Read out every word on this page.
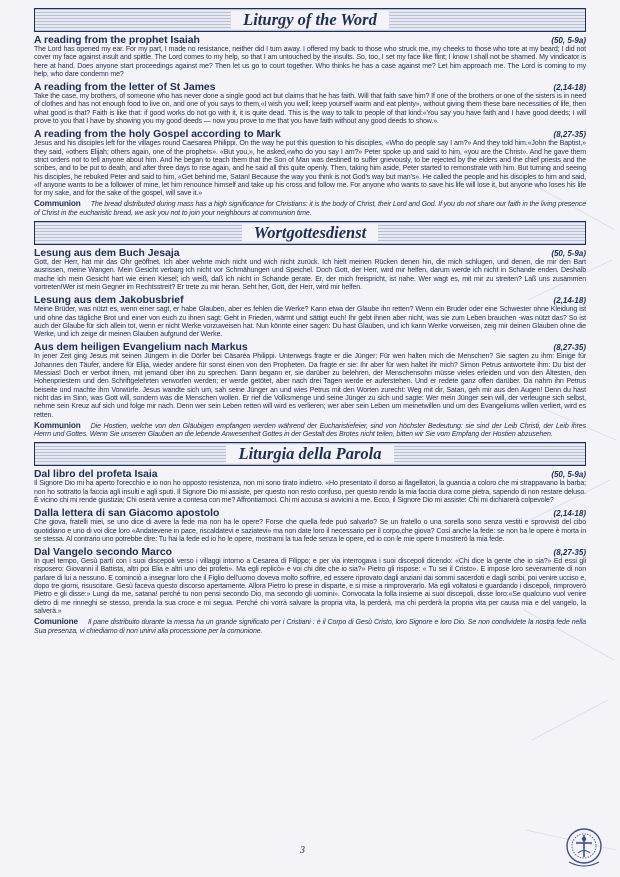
Liturgy of the Word
A reading from the prophet Isaiah	(50, 5-9a)

The Lord has opened my ear. For my part, I made no resistance, neither did I turn away. I offered my back to those who struck me, my cheeks to those who tore at my beard; I did not cover my face against insult and spittle. The Lord comes to my help, so that I am untouched by the insults. So, too, I set my face like flint; I know I shall not be shamed. My vindicator is here at hand. Does anyone start proceedings against me? Then let us go to court together. Who thinks he has a case against me? Let him approach me. The Lord is coming to my help, who dare condemn me?

A reading from the letter of St James	(2,14-18)

Take the case, my brothers, of someone who has never done a single good act but claims that he has faith. Will that faith save him? If one of the brothers or one of the sisters is in need of clothes and has not enough food to live on, and one of you says to them,«I wish you well; keep yourself warm and eat plenty», without giving them these bare necessities of life, then what good is that? Faith is like that: if good works do not go with it, it is quite dead. This is the way to talk to people of that kind:«You say you have faith and I have good deeds; I will prove to you that I have by showing you my good deeds — now you prove to me that you have faith without any good deeds to show.».

A reading from the holy Gospel according to Mark	(8,27-35)

Jesus and his disciples left for the villages round Caesarea Philippi. On the way he put this question to his disciples, «Who do people say I am?» And they told him.«John the Baptist,» they said, «others Elijah; others again, one of the prophets». «But you,», he asked,«who do you say I am?» Peter spoke up and said to him, «you are the Christ». And he gave them strict orders not to tell anyone about him. And he began to teach them that the Son of Man was destined to suffer grievously, to be rejected by the elders and the chief priests and the scribes, and to be put to death, and after three days to rise again, and he said all this quite openly. Then, taking him aside, Peter started to remonstrate with him. But turning and seeing his disciples, he rebuked Peter and said to him, «Get behind me, Satan! Because the way you think is not God's way but man's». He called the people and his disciples to him and said, «If anyone wants to be a follower of mine, let him renounce himself and take up his cross and follow me. For anyone who wants to save his life will lose it, but anyone who loses his life for my sake, and for the sake of the gospel, will save it.»

Communion The bread distributed during mass has a high significance for Christians: it is the body of Christ, their Lord and God. If you do not share our faith in the living presence of Christ in the eucharistic bread, we ask you not to join your neighbours at communion time.
Wortgottesdienst
Lesung aus dem Buch Jesaja	(50, 5-9a)

Gott, der Herr, hat mir das Ohr geöffnet. Ich aber wehrte mich nicht und wich nicht zurück. Ich hielt meinen Rücken denen hin, die mich schlugen, und denen, die mir den Bart ausrissen, meine Wangen. Mein Gesicht verbarg ich nicht vor Schmähungen und Speichel. Doch Gott, der Herr, wird mir helfen, darum werde ich nicht in Schande enden. Deshalb mache ich mein Gesicht hart wie einen Kiesel; ich weiß, daß ich nicht in Schande gerate. Er, der mich freispricht, ist nahe. Wer wagt es, mit mir zu streiten? Laß uns zusammen vortreten!Wer ist mein Gegner im Rechtsstreit? Er trete zu mir heran. Seht her, Gott, der Herr, wird mir helfen.

Lesung aus dem Jakobusbrief	(2,14-18)

Meine Brüder, was nützt es, wenn einer sagt, er habe Glauben, aber es fehlen die Werke? Kann etwa der Glaube ihn retten? Wenn ein Bruder oder eine Schwester ohne Kleidung ist und ohne das tägliche Brot und einer von euch zu ihnen sagt: Geht in Frieden, wärmt und sättigt euch! Ihr gebt ihnen aber nicht, was sie zum Leben brauchen -was nützt das? So ist auch der Glaube für sich allein tot, wenn er nicht Werke vorzuweisen hat. Nun könnte einer sagen: Du hast Glauben, und ich kann Werke vorweisen, zeig mir deinen Glauben ohne die Werke, und ich zeige dir meinen Glauben aufgrund der Werke.

Aus dem heiligen Evangelium nach Markus	(8,27-35)

In jener Zeit ging Jesus mit seinen Jüngern in die Dörfer bei Cäsaréa Philippi. Unterwegs fragte er die Jünger: Für wen halten mich die Menschen? Sie sagten zu ihm: Einige für Johannes den Täufer, andere für Elija, wieder andere für sonst einen von den Propheten. Da fragte er sie: Ihr aber für wen haltet ihr mich? Simon Petrus antwortete ihm: Du bist der Messias! Doch er verbot ihnen, mit jemand über ihn zu sprechen. Dann begann er, sie darüber zu belehren, der Menschensohn müsse vieles erleiden und von den Ältesten, den Hohenpriestern und den Schriftgelehrten verworfen werden; er werde getötet, aber nach drei Tagen werde er auferstehen. Und er redete ganz offen darüber. Da nahm ihn Petrus beiseite und machte ihm Vorwürfe. Jesus wandte sich um, sah seine Jünger an und wies Petrus mit den Worten zurecht: Weg mit dir, Satan, geh mir aus den Augen! Denn du hast nicht das im Sinn, was Gott will, sondern was die Menschen wollen. Er rief die Volksmenge und seine Jünger zu sich und sagte: Wer mein Jünger sein will, der verleugne sich selbst, nehme sein Kreuz auf sich und folge mir nach. Denn wer sein Leben retten will wird es verlieren; wer aber sein Leben um meinetwillen und um des Evangeliums willen verliert, wird es retten.

Kommunion Die Hostien, welche von den Gläubigen empfangen werden während der Eucharistiefeier, sind von höchster Bedeutung: sie sind der Leib Christi, der Leib ihres Herrn und Gottes. Wenn Sie unseren Glauben an die lebende Anwesenheit Gottes in der Gestalt des Brotes nicht teilen, bitten wir Sie vom Empfang der Hostien abzusehen.
Liturgia della Parola
Dal libro del profeta Isaia	(50, 5-9a)

Il Signore Dio mi ha aperto l'orecchio e io non ho opposto resistenza, non mi sono tirato indietro. «Ho presentato il dorso ai flagellatori, la guancia a coloro che mi strappavano la barba; non ho sottratto la faccia agli insulti e agli sputi. Il Signore Dio mi assiste, per questo non resto confuso, per questo rendo la mia faccia dura come pietra, sapendo di non restare deluso. È vicino chi mi rende giustizia; Chi oserà venire a contesa con me? Affrontiamoci. Chi mi accusa si avvicini a me. Ecco, il Signore Dio mi assiste: Chi mi dichiarerà colpevole?

Dalla lettera di san Giacomo apostolo	(2,14-18)

Che giova, fratelli miei, se uno dice di avere la fede ma non ha le opere? Forse che quella fede può salvarlo? Se un fratello o una sorella sono senza vestiti e sprovvisti del cibo quotidiano e uno di voi dice loro «Andatevene in pace, riscaldatevi e saziatevi» ma non date loro il necessario per il corpo,che giova? Così anche la fede: se non ha le opere è morta in se stessa. Al contrario uno potrebbe dire: Tu hai la fede ed io ho le opere, mostrami la tua fede senza le opere, ed io con le mie opere ti mostrerò la mia fede.

Dal Vangelo secondo Marco	(8,27-35)

In quel tempo, Gesù partì con i suoi discepoli verso i villaggi intorno a Cesarea di Filippo; e per via interrogava i suoi discepoli dicendo: «Chi dice la gente che io sia?» Ed essi gli risposero: Giovanni il Battista, altri poi Elia e altri uno dei profeti». Ma egli replicò» e voi chi dite che io sia?» Pietro gli rispose: « Tu sei il Cristo». E impose loro severamente di non parlare di lui a nessuno. E cominciò a insegnar loro che il Figlio dell'uomo doveva molto soffrire, ed essere riprovato dagli anziani dai sommi sacerdoti e dagli scribi, poi venire ucciso e, dopo tre giorni, risuscitare. Gesù faceva questo discorso apertamente. Allora Pietro lo prese in disparte, e si mise a rimproverarlo. Ma egli voltatosi e guardando i discepoli, rimproverò Pietro e gli disse:» Lungi da me, satana! perché tu non pensi secondo Dio, ma secondo gli uomini». Convocata la folla insieme ai suoi discepoli, disse loro:«Se qualcuno vuol venire dietro di me rinneghi se stesso, prenda la sua croce e mi segua. Perché chi vorrà salvare la propria vita, la perderà, ma chi perderà la propria vita per causa mia e del vangelo, la salverà.»

Comunione Il pane distribuito durante la messa ha un grande significato per i Cristiani : è il Corpo di Gesù Cristo, loro Signore e loro Dio. Se non condividete la nostra fede nella Sua presenza, vi chiediamo di non unirvi alla processione per la comunione.
3
